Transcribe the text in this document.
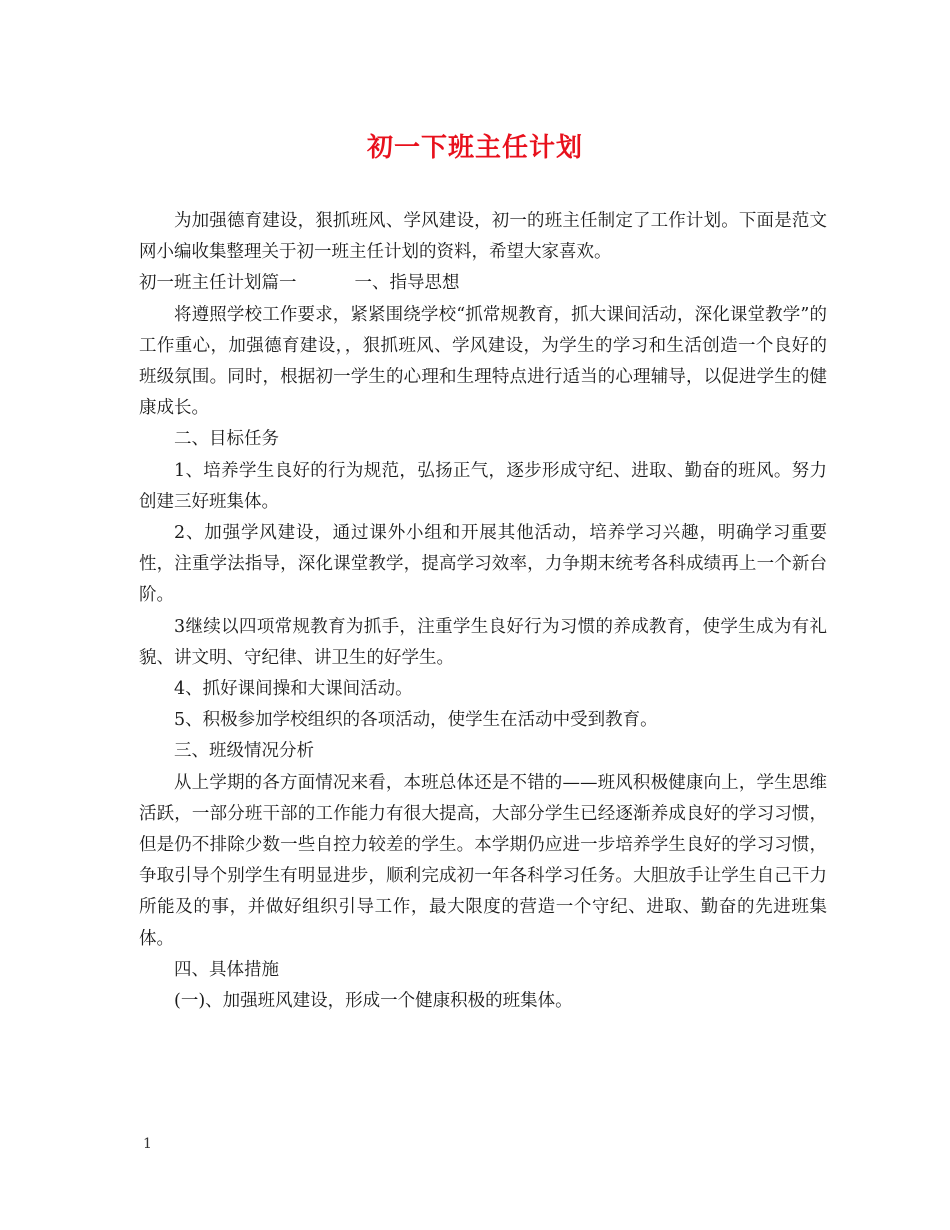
初一下班主任计划

为加强德育建设，狠抓班风、学风建设，初一的班主任制定了工作计划。下面是范文网小编收集整理关于初一班主任计划的资料，希望大家喜欢。

初一班主任计划篇一	一、指导思想

将遵照学校工作要求，紧紧围绕学校“抓常规教育，抓大课间活动，深化课堂教学”的工作重心，加强德育建设，，狠抓班风、学风建设，为学生的学习和生活创造一个良好的班级氛围。同时，根据初一学生的心理和生理特点进行适当的心理辅导，以促进学生的健康成长。

二、目标任务

1、培养学生良好的行为规范，弘扬正气，逐步形成守纪、进取、勤奋的班风。努力创建三好班集体。

2、加强学风建设，通过课外小组和开展其他活动，培养学习兴趣，明确学习重要性，注重学法指导，深化课堂教学，提高学习效率，力争期末统考各科成绩再上一个新台阶。

3继续以四项常规教育为抓手，注重学生良好行为习惯的养成教育，使学生成为有礼貌、讲文明、守纪律、讲卫生的好学生。

4、抓好课间操和大课间活动。

5、积极参加学校组织的各项活动，使学生在活动中受到教育。

三、班级情况分析

从上学期的各方面情况来看，本班总体还是不错的——班风积极健康向上，学生思维活跃，一部分班干部的工作能力有很大提高，大部分学生已经逐渐养成良好的学习习惯，但是仍不排除少数一些自控力较差的学生。本学期仍应进一步培养学生良好的学习习惯，争取引导个别学生有明显进步，顺利完成初一年各科学习任务。大胆放手让学生自己干力所能及的事，并做好组织引导工作，最大限度的营造一个守纪、进取、勤奋的先进班集体。

四、具体措施

(一)、加强班风建设，形成一个健康积极的班集体。

1
